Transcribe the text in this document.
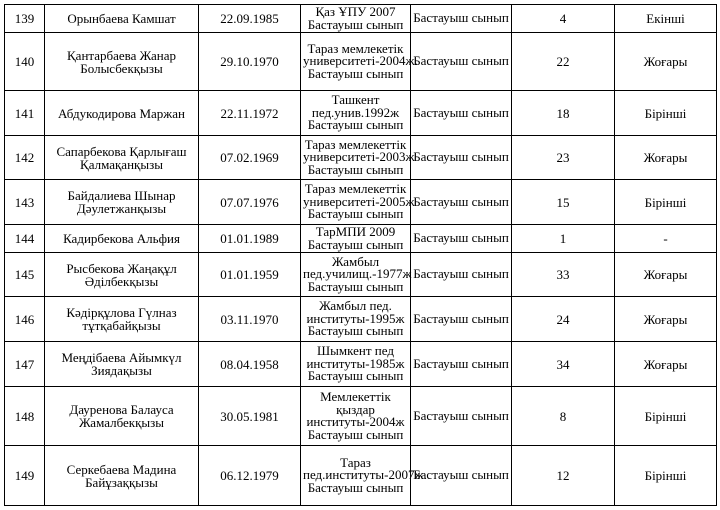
139	Орынбаева Камшат	22.09.1985	Қаз ҰПУ 2007 Бастауыш сынып	Бастауыш сынып	4	Екінші
140	Қантарбаева Жанар Болысбекқызы	29.10.1970	Тараз мемлекетік университеті-2004ж. Бастауыш сынып	Бастауыш сынып	22	Жоғары
141	Абдукодирова Маржан	22.11.1972	Ташкент пед.унив.1992ж Бастауыш сынып	Бастауыш сынып	18	Бірінші
142	Сапарбекова Қарлығаш Қалмақанқызы	07.02.1969	Тараз мемлекеттік университеті-2003ж Бастауыш сынып	Бастауыш сынып	23	Жоғары
143	Байдалиева Шынар Дәулетжанқызы	07.07.1976	Тараз мемлекеттік университеті-2005ж Бастауыш сынып	Бастауыш сынып	15	Бірінші
144	Кадирбекова Альфия	01.01.1989	ТарМПИ 2009 Бастауыш сынып	Бастауыш сынып	1	-
145	Рысбекова Жаңақұл Әділбекқызы	01.01.1959	Жамбыл пед.училищ.-1977ж Бастауыш сынып	Бастауыш сынып	33	Жоғары
146	Кәдірқұлова Гүлназ тұтқабайқызы	03.11.1970	Жамбыл пед. институты-1995ж Бастауыш сынып	Бастауыш сынып	24	Жоғары
147	Меңдібаева Айымкүл Зиядақызы	08.04.1958	Шымкент пед институты-1985ж Бастауыш сынып	Бастауыш сынып	34	Жоғары
148	Дауренова Балауса Жамалбекқызы	30.05.1981	Мемлекеттік қыздар институты-2004ж Бастауыш сынып	Бастауыш сынып	8	Бірінші
149	Серкебаева Мадина Байұзаққызы	06.12.1979	Тараз пед.институты-2007ж. Бастауыш сынып	Бастауыш сынып	12	Бірінші
